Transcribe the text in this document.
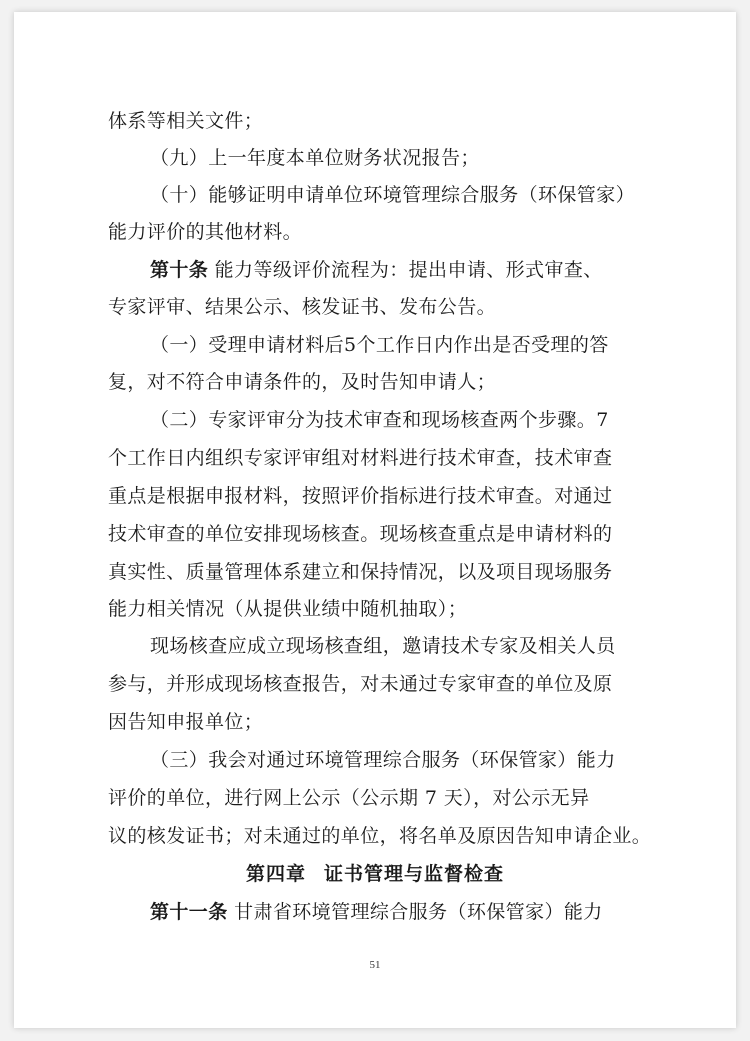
体系等相关文件；
（九）上一年度本单位财务状况报告；
（十）能够证明申请单位环境管理综合服务（环保管家）
能力评价的其他材料。
第十条 能力等级评价流程为：提出申请、形式审查、
专家评审、结果公示、核发证书、发布公告。
（一）受理申请材料后5个工作日内作出是否受理的答
复，对不符合申请条件的，及时告知申请人；
（二）专家评审分为技术审查和现场核查两个步骤。7
个工作日内组织专家评审组对材料进行技术审查，技术审查
重点是根据申报材料，按照评价指标进行技术审查。对通过
技术审查的单位安排现场核查。现场核查重点是申请材料的
真实性、质量管理体系建立和保持情况，以及项目现场服务
能力相关情况（从提供业绩中随机抽取）；
现场核查应成立现场核查组，邀请技术专家及相关人员
参与，并形成现场核查报告，对未通过专家审查的单位及原
因告知申报单位；
（三）我会对通过环境管理综合服务（环保管家）能力
评价的单位，进行网上公示（公示期 7 天），对公示无异
议的核发证书；对未通过的单位，将名单及原因告知申请企业。
第四章 证书管理与监督检查
第十一条 甘肃省环境管理综合服务（环保管家）能力
51
